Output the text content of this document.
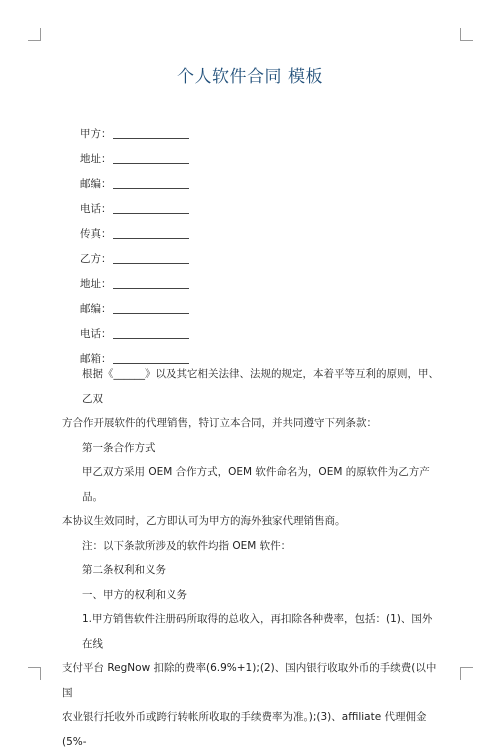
个人软件合同 模板
甲方：
地址：
邮编：
电话：
传真：
乙方：
地址：
邮编：
电话：
邮箱：

根据《______》以及其它相关法律、法规的规定，本着平等互利的原则，甲、乙双

方合作开展软件的代理销售，特订立本合同，并共同遵守下列条款：

第一条合作方式

甲乙双方采用 OEM 合作方式，OEM 软件命名为，OEM 的原软件为乙方产品。

本协议生效同时，乙方即认可为甲方的海外独家代理销售商。

注：以下条款所涉及的软件均指 OEM 软件：

第二条权利和义务

一、甲方的权利和义务

1.甲方销售软件注册码所取得的总收入，再扣除各种费率，包括：(1)、国外在线

支付平台 RegNow 扣除的费率(6.9%+1);(2)、国内银行收取外币的手续费(以中国

农业银行托收外币或跨行转帐所收取的手续费率为准。);(3)、affiliate 代理佣金(5%-
